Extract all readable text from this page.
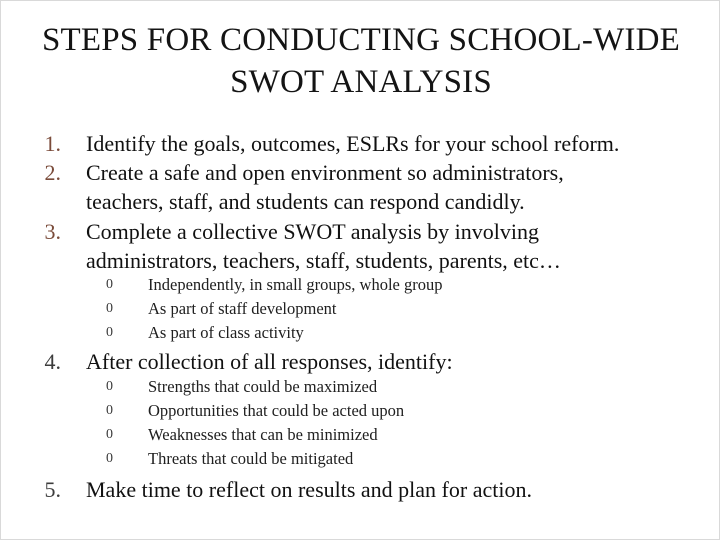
STEPS FOR CONDUCTING SCHOOL-WIDE
SWOT ANALYSIS
1. Identify the goals, outcomes, ESLRs for your school reform.
2. Create a safe and open environment so administrators,
teachers, staff, and students can respond candidly.
3. Complete a collective SWOT analysis by involving
administrators, teachers, staff, students, parents, etc…
0	Independently, in small groups, whole group
0	As part of staff development
0	As part of class activity
4. After collection of all responses, identify:
0	Strengths that could be maximized
0	Opportunities that could be acted upon
0	Weaknesses that can be minimized
0	Threats that could be mitigated
5. Make time to reflect on results and plan for action.
